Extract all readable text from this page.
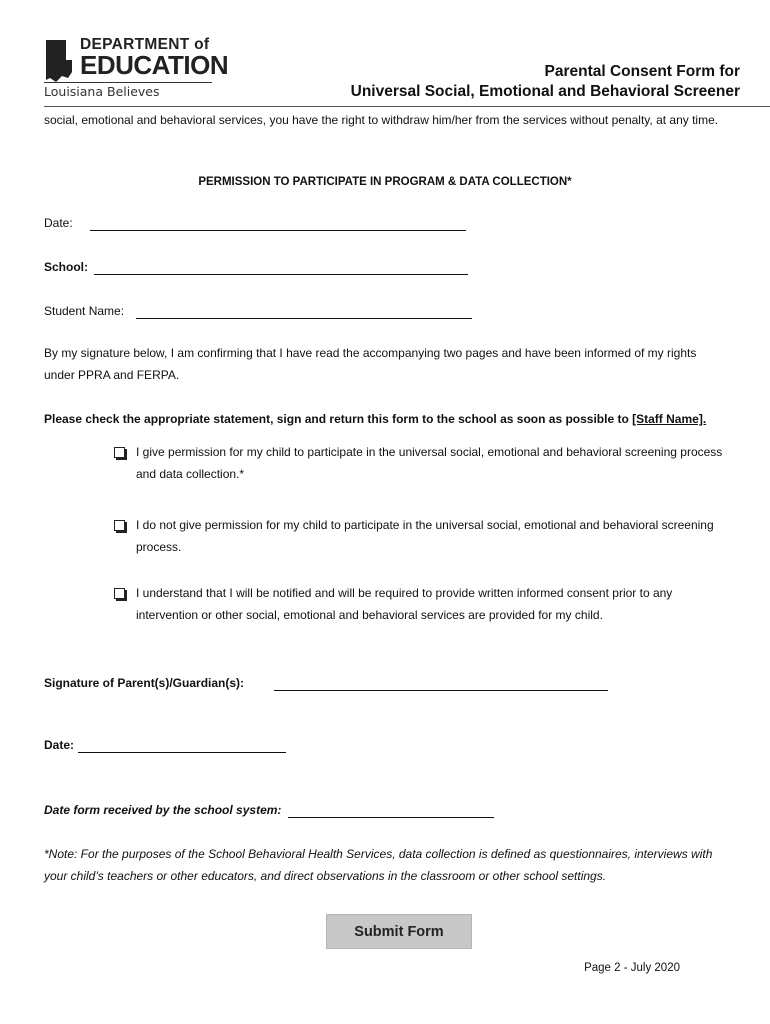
DEPARTMENT of
EDUCATION
Louisiana Believes
Parental Consent Form for
Universal Social, Emotional and Behavioral Screener
social, emotional and behavioral services, you have the right to withdraw him/her from the services without penalty, at any time.
PERMISSION TO PARTICIPATE IN PROGRAM & DATA COLLECTION*
Date:
School:
Student Name:
By my signature below, I am confirming that I have read the accompanying two pages and have been informed of my rights under PPRA and FERPA.
Please check the appropriate statement, sign and return this form to the school as soon as possible to [Staff Name].
I give permission for my child to participate in the universal social, emotional and behavioral screening process and data collection.*
I do not give permission for my child to participate in the universal social, emotional and behavioral screening process.
I understand that I will be notified and will be required to provide written informed consent prior to any intervention or other social, emotional and behavioral services are provided for my child.
Signature of Parent(s)/Guardian(s):
Date:
Date form received by the school system:
*Note: For the purposes of the School Behavioral Health Services, data collection is defined as questionnaires, interviews with your child’s teachers or other educators, and direct observations in the classroom or other school settings.
Submit Form
Page 2 - July 2020
